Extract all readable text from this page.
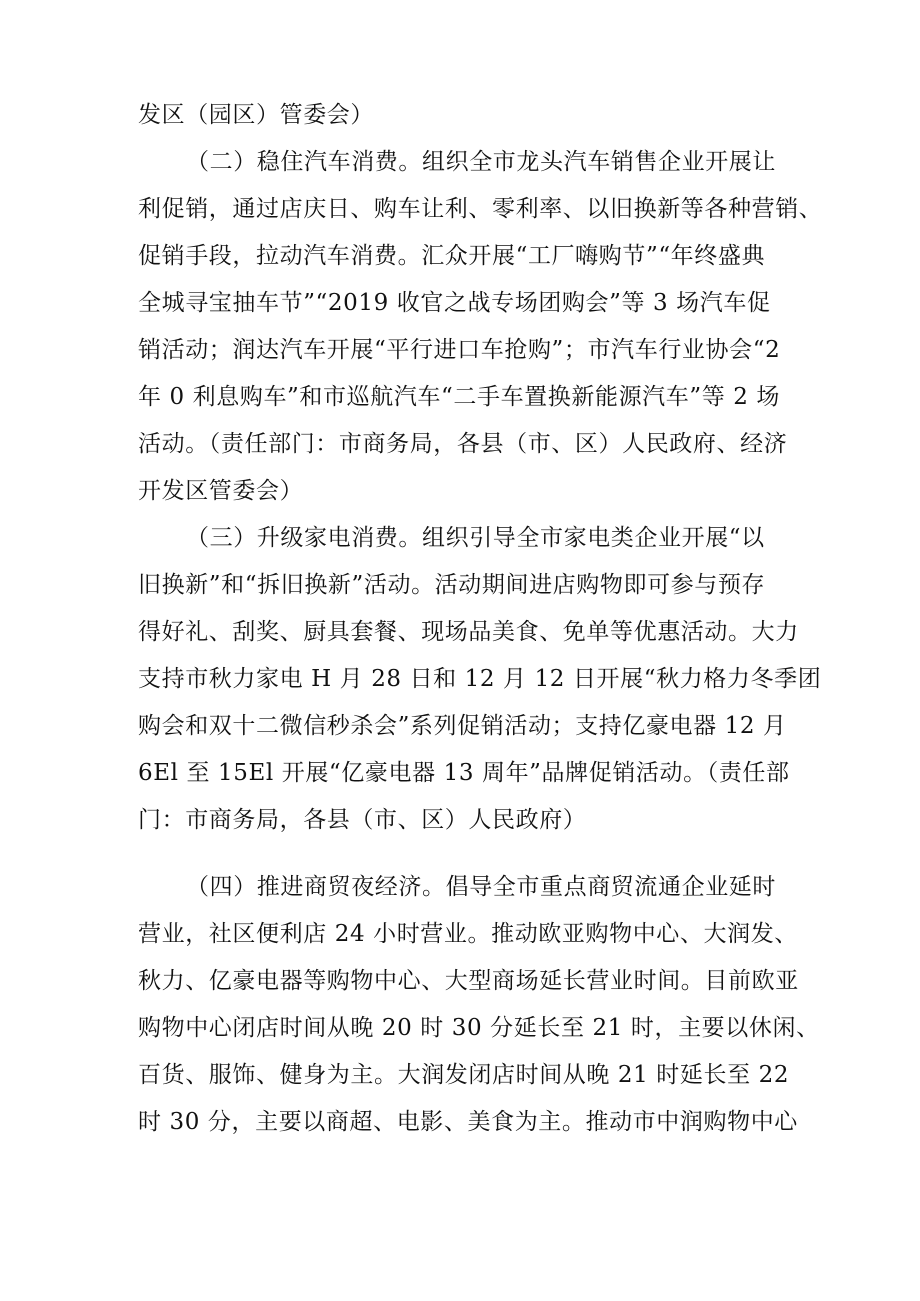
发区（园区）管委会）
（二）稳住汽车消费。组织全市龙头汽车销售企业开展让
利促销，通过店庆日、购车让利、零利率、以旧换新等各种营销、
促销手段，拉动汽车消费。汇众开展“工厂嗨购节”“年终盛典
全城寻宝抽车节”“2019 收官之战专场团购会”等 3 场汽车促
销活动；润达汽车开展“平行进口车抢购”；市汽车行业协会“2
年 0 利息购车”和市巡航汽车“二手车置换新能源汽车”等 2 场
活动。（责任部门：市商务局，各县（市、区）人民政府、经济
开发区管委会）
（三）升级家电消费。组织引导全市家电类企业开展“以
旧换新”和“拆旧换新”活动。活动期间进店购物即可参与预存
得好礼、刮奖、厨具套餐、现场品美食、免单等优惠活动。大力
支持市秋力家电 H 月 28 日和 12 月 12 日开展“秋力格力冬季团
购会和双十二微信秒杀会”系列促销活动；支持亿豪电器 12 月
6El 至 15El 开展“亿豪电器 13 周年”品牌促销活动。（责任部
门：市商务局，各县（市、区）人民政府）
（四）推进商贸夜经济。倡导全市重点商贸流通企业延时
营业，社区便利店 24 小时营业。推动欧亚购物中心、大润发、
秋力、亿豪电器等购物中心、大型商场延长营业时间。目前欧亚
购物中心闭店时间从晚 20 时 30 分延长至 21 时，主要以休闲、
百货、服饰、健身为主。大润发闭店时间从晚 21 时延长至 22
时 30 分，主要以商超、电影、美食为主。推动市中润购物中心
